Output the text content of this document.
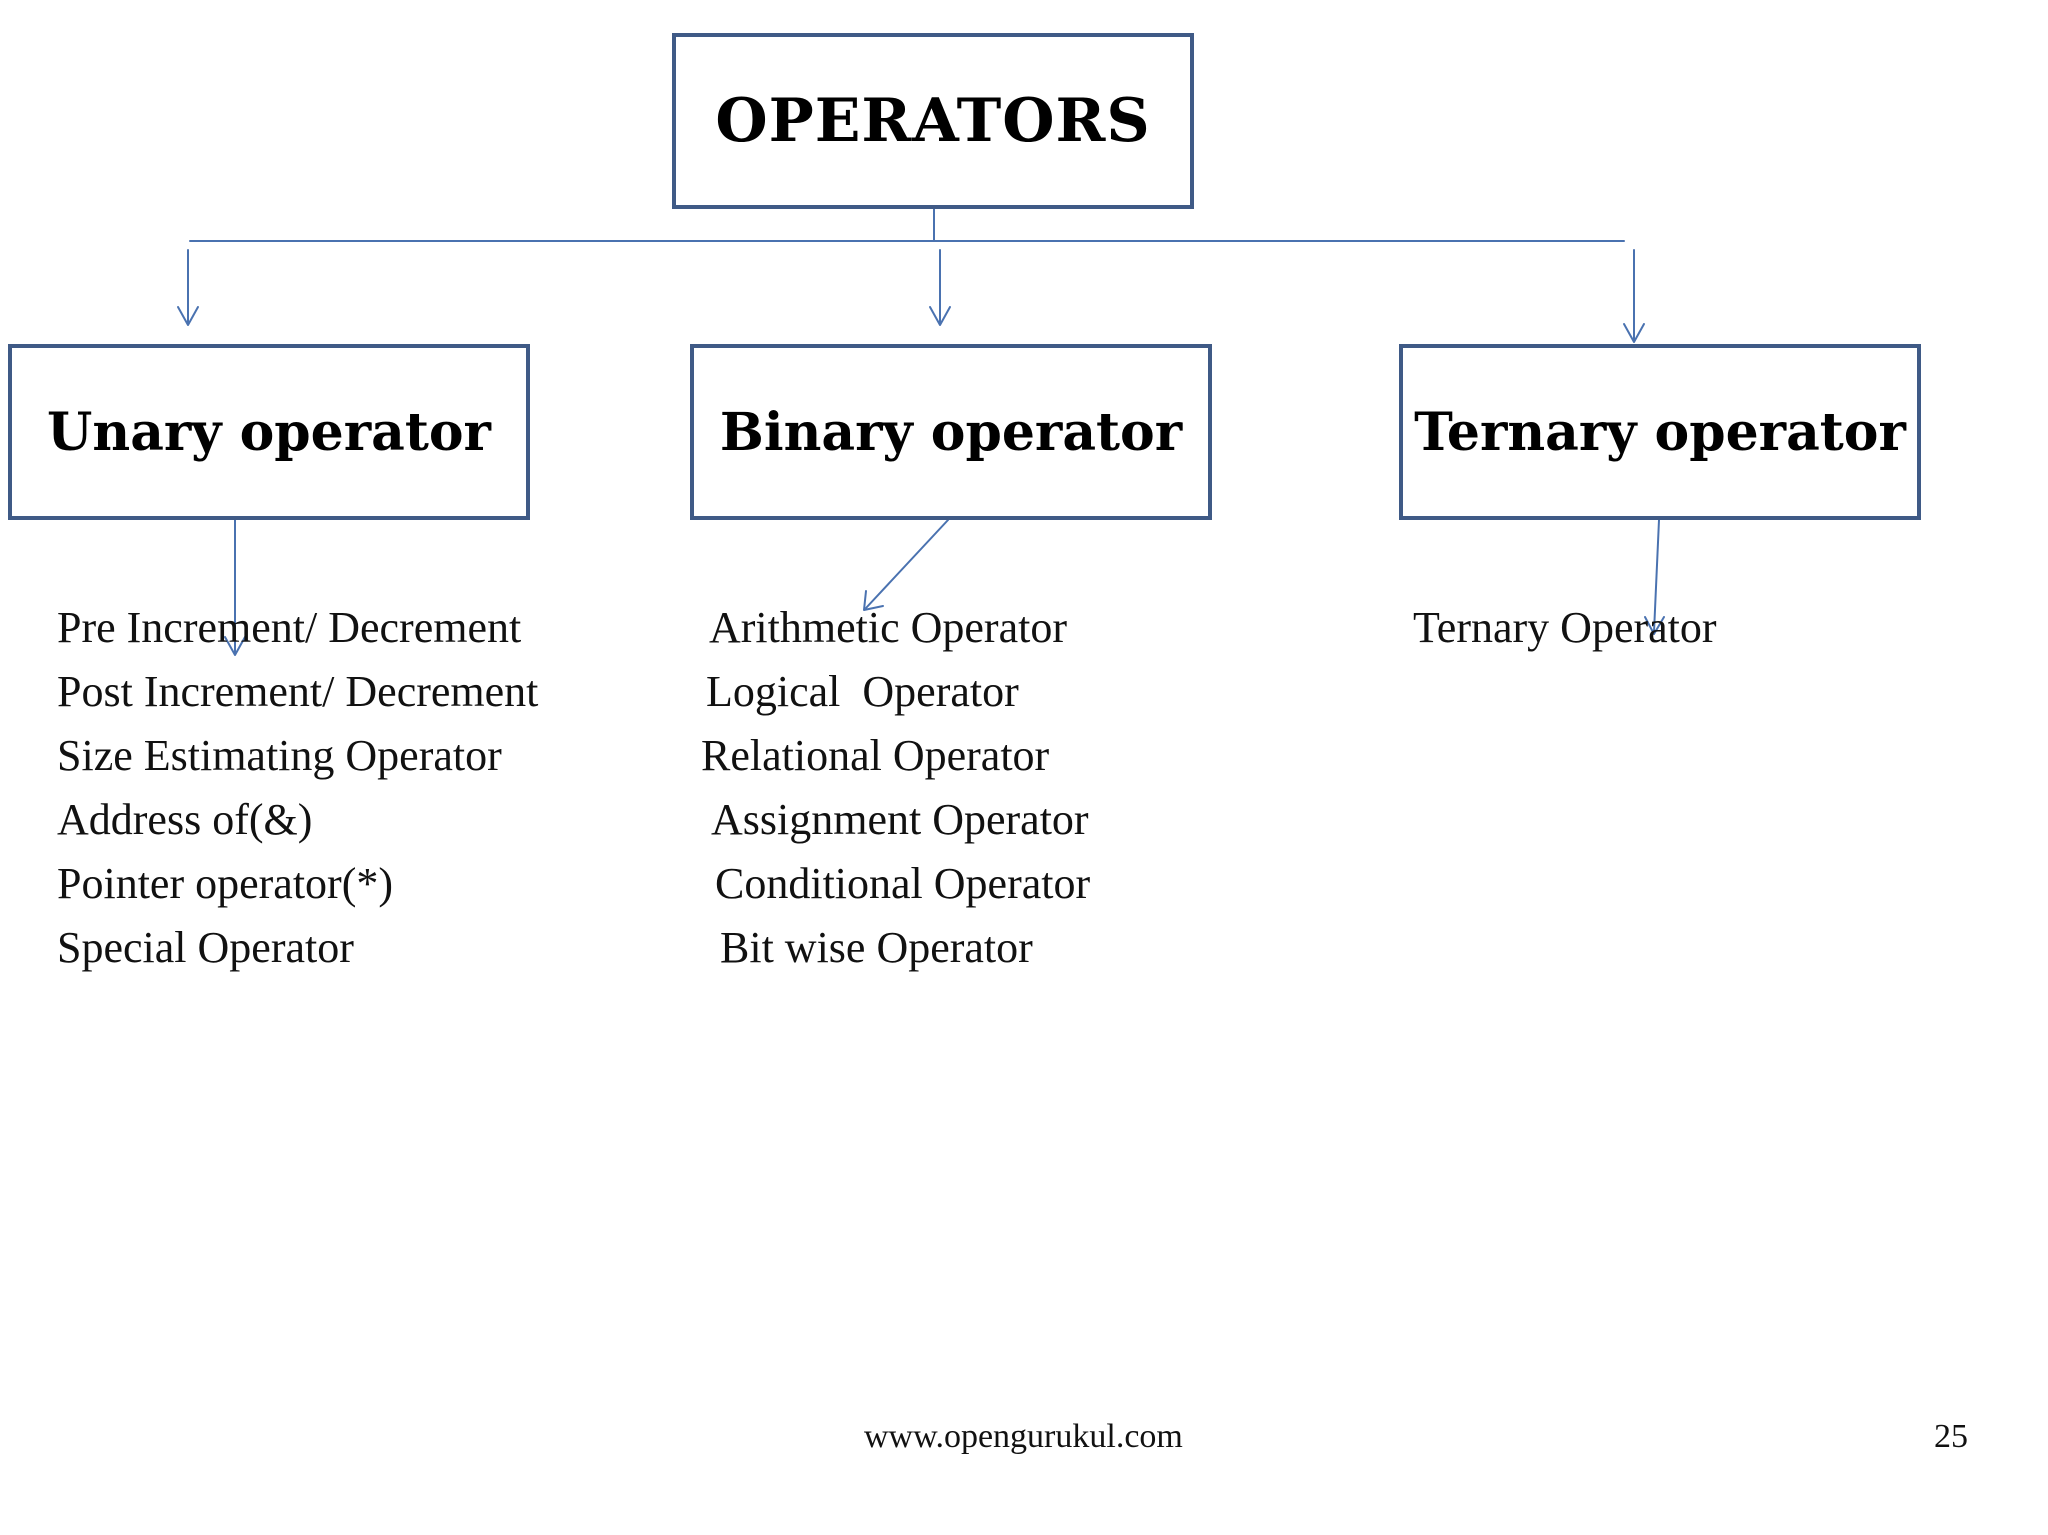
OPERATORS
Unary operator	Binary operator	Ternary operator
Pre Increment/ Decrement
Post Increment/ Decrement
Size Estimating Operator
Address of(&)
Pointer operator(*)
Special Operator
Arithmetic Operator
Logical  Operator
Relational Operator
Assignment Operator
Conditional Operator
Bit wise Operator
Ternary Operator
www.opengurukul.com	25
